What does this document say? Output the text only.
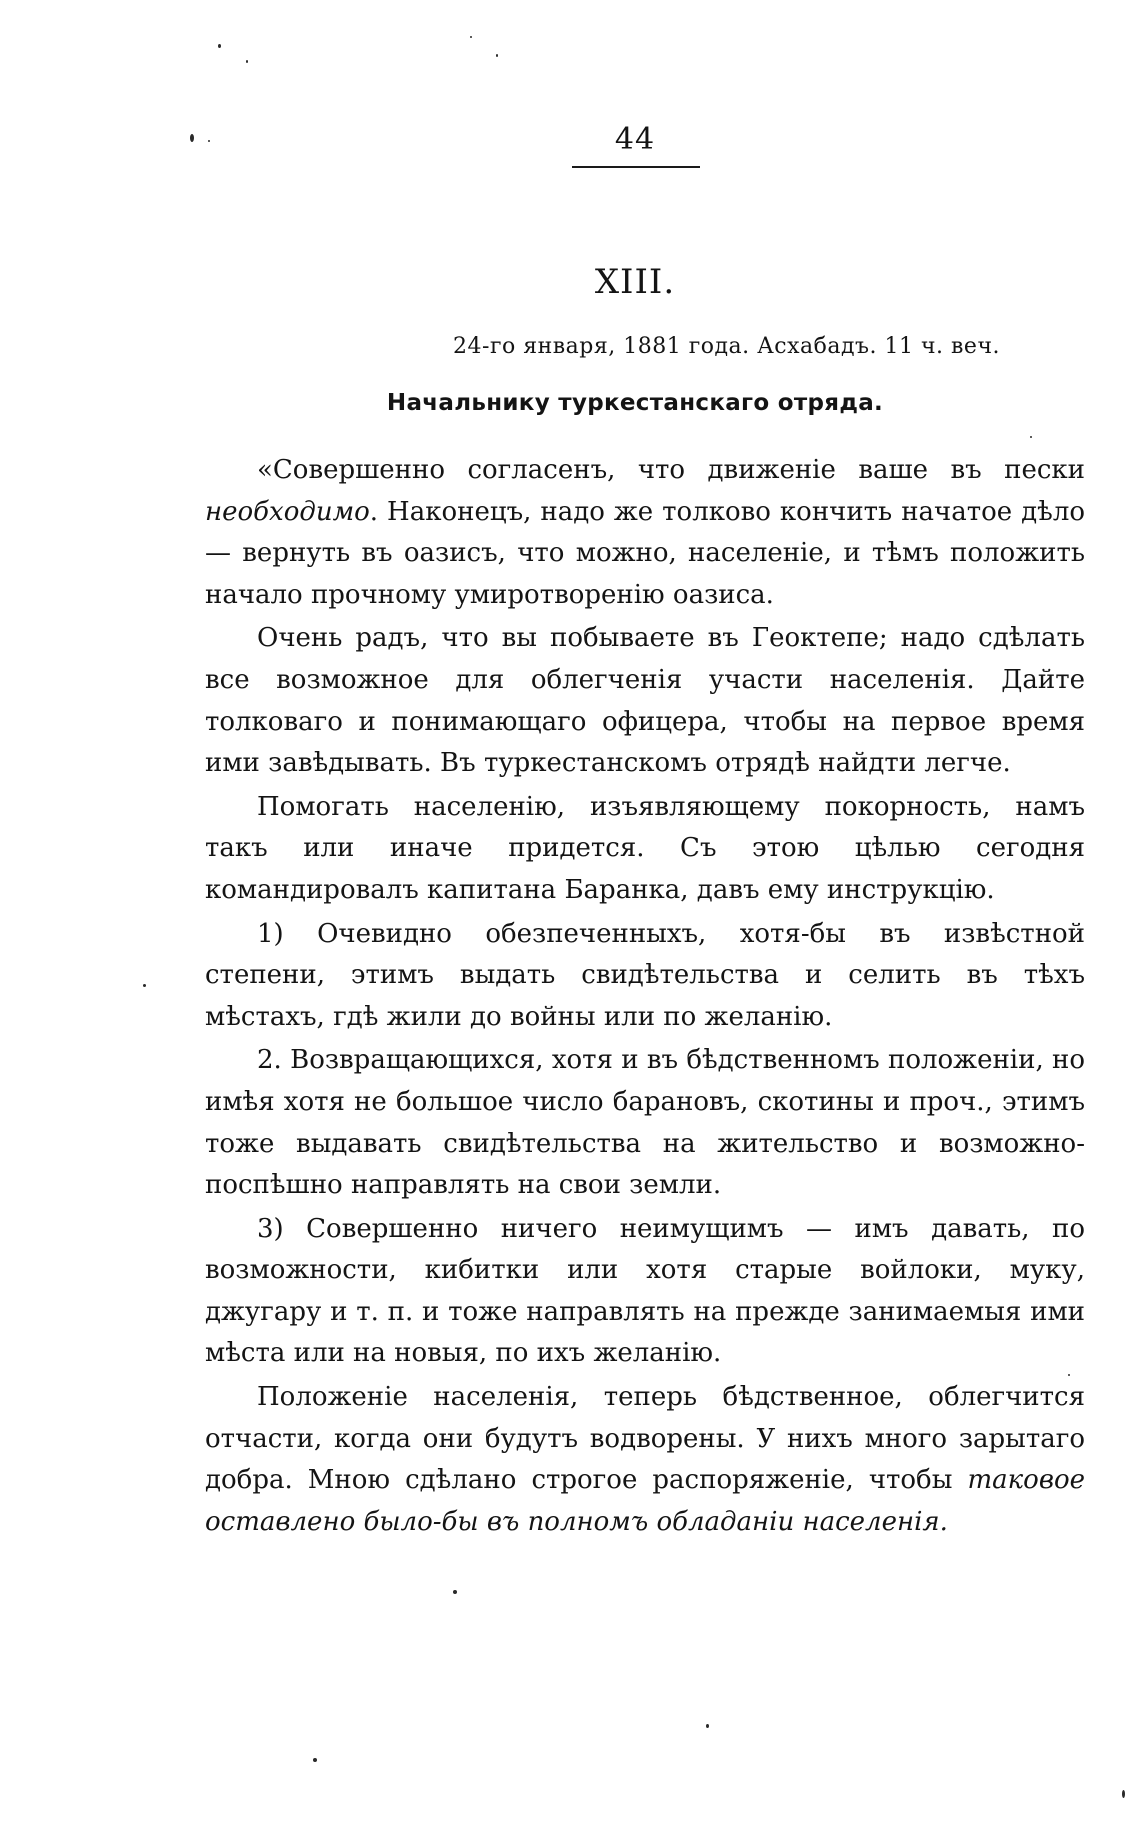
44
XIII.
24-го января, 1881 года. Асхабадъ. 11 ч. веч.
Начальнику туркестанскаго отряда.

«Совершенно согласенъ, что движеніе ваше въ пески необходимо. Наконецъ, надо же толково кончить начатое дѣло — вернуть въ оазисъ, что можно, населеніе, и тѣмъ положить начало прочному умиротворенію оазиса.

Очень радъ, что вы побываете въ Геоктепе; надо сдѣлать все возможное для облегченія участи населенія. Дайте толковаго и понимающаго офицера, чтобы на первое время ими завѣдывать. Въ туркестанскомъ отрядѣ найдти легче.

Помогать населенію, изъявляющему покорность, намъ такъ или иначе придется. Съ этою цѣлью сегодня командировалъ капитана Баранка, давъ ему инструкцію.

1) Очевидно обезпеченныхъ, хотя-бы въ извѣстной степени, этимъ выдать свидѣтельства и селить въ тѣхъ мѣстахъ, гдѣ жили до войны или по желанію.

2. Возвращающихся, хотя и въ бѣдственномъ положеніи, но имѣя хотя не большое число барановъ, скотины и проч., этимъ тоже выдавать свидѣтельства на жительство и возможно-поспѣшно направлять на свои земли.

3) Совершенно ничего неимущимъ — имъ давать, по возможности, кибитки или хотя старые войлоки, муку, джугару и т. п. и тоже направлять на прежде занимаемыя ими мѣста или на новыя, по ихъ желанію.

Положеніе населенія, теперь бѣдственное, облегчится отчасти, когда они будутъ водворены. У нихъ много зарытаго добра. Мною сдѣлано строгое распоряженіе, чтобы таковое оставлено было-бы въ полномъ обладаніи населенія.
